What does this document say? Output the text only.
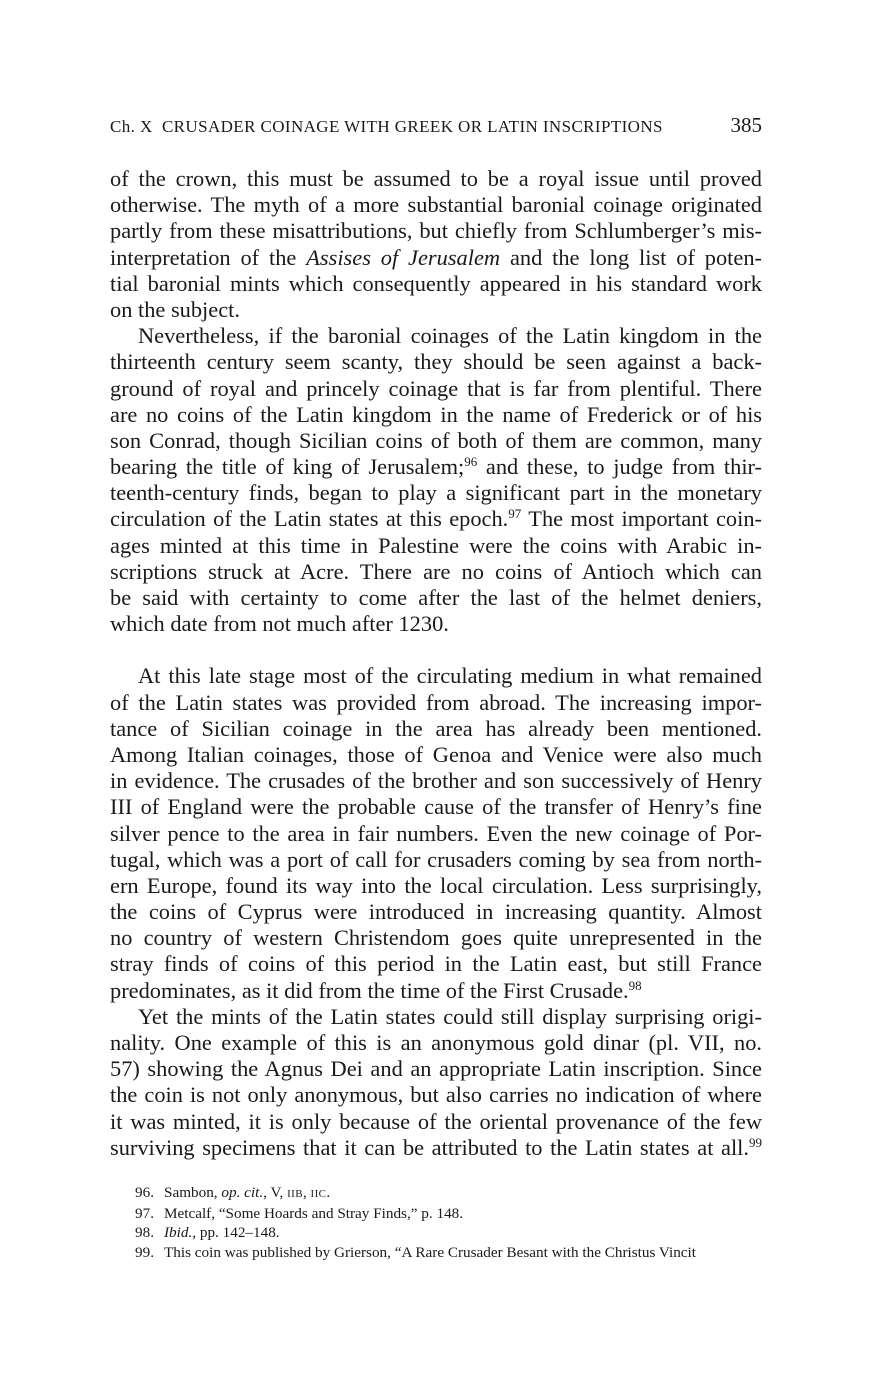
Ch. X CRUSADER COINAGE WITH GREEK OR LATIN INSCRIPTIONS	385
of the crown, this must be assumed to be a royal issue until proved
otherwise. The myth of a more substantial baronial coinage originated
partly from these misattributions, but chiefly from Schlumberger’s mis-
interpretation of the Assises of Jerusalem and the long list of poten-
tial baronial mints which consequently appeared in his standard work
on the subject.
Nevertheless, if the baronial coinages of the Latin kingdom in the
thirteenth century seem scanty, they should be seen against a back-
ground of royal and princely coinage that is far from plentiful. There
are no coins of the Latin kingdom in the name of Frederick or of his
son Conrad, though Sicilian coins of both of them are common, many
bearing the title of king of Jerusalem;$^{96}$ and these, to judge from thir-
teenth-century finds, began to play a significant part in the monetary
circulation of the Latin states at this epoch.$^{97}$ The most important coin-
ages minted at this time in Palestine were the coins with Arabic in-
scriptions struck at Acre. There are no coins of Antioch which can
be said with certainty to come after the last of the helmet deniers,
which date from not much after 1230.
At this late stage most of the circulating medium in what remained
of the Latin states was provided from abroad. The increasing impor-
tance of Sicilian coinage in the area has already been mentioned.
Among Italian coinages, those of Genoa and Venice were also much
in evidence. The crusades of the brother and son successively of Henry
III of England were the probable cause of the transfer of Henry’s fine
silver pence to the area in fair numbers. Even the new coinage of Por-
tugal, which was a port of call for crusaders coming by sea from north-
ern Europe, found its way into the local circulation. Less surprisingly,
the coins of Cyprus were introduced in increasing quantity. Almost
no country of western Christendom goes quite unrepresented in the
stray finds of coins of this period in the Latin east, but still France
predominates, as it did from the time of the First Crusade.$^{98}$
Yet the mints of the Latin states could still display surprising origi-
nality. One example of this is an anonymous gold dinar (pl. VII, no.
57) showing the Agnus Dei and an appropriate Latin inscription. Since
the coin is not only anonymous, but also carries no indication of where
it was minted, it is only because of the oriental provenance of the few
surviving specimens that it can be attributed to the Latin states at all.$^{99}$
96. Sambon, op. cit., V, IIB, IIC.
97. Metcalf, “Some Hoards and Stray Finds,” p. 148.
98. Ibid., pp. 142–148.
99. This coin was published by Grierson, “A Rare Crusader Besant with the Christus Vincit
